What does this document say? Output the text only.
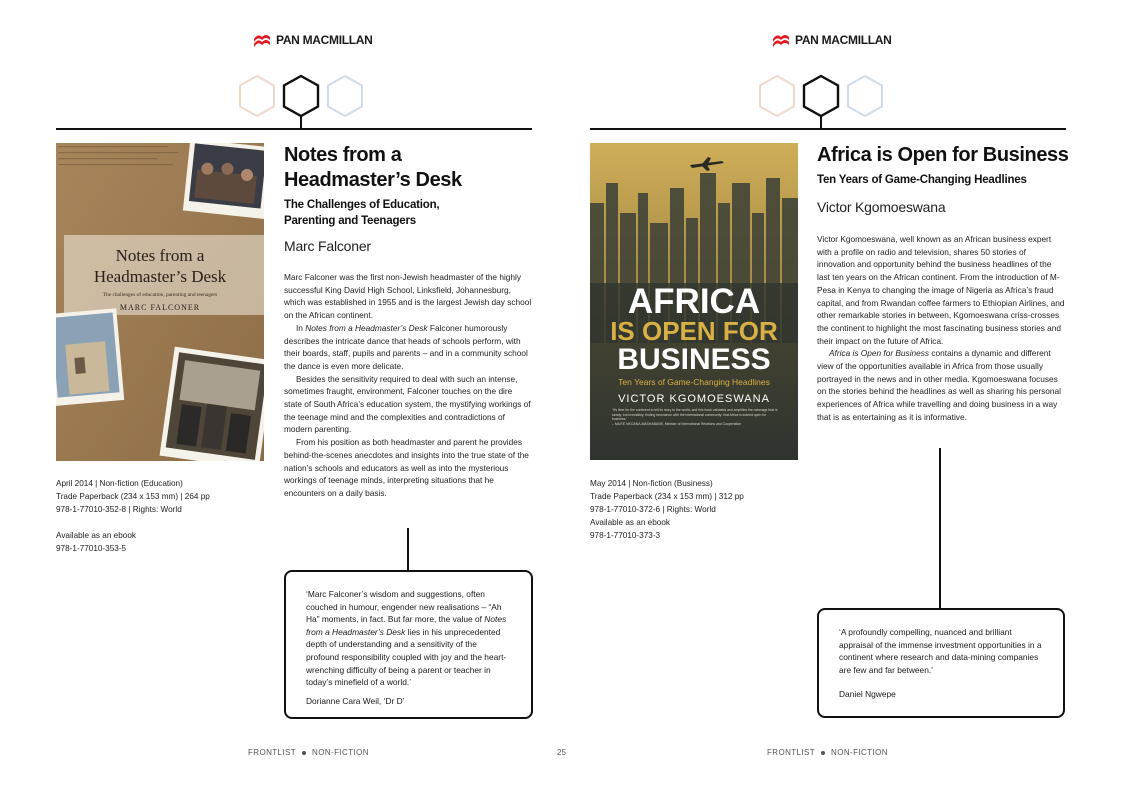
PAN MACMILLAN
Notes from a
Headmaster’s Desk
The challenges of education, parenting and teenagers
MARC FALCONER
Notes from a
Headmaster’s Desk
The Challenges of Education,
Parenting and Teenagers
Marc Falconer

Marc Falconer was the first non-Jewish headmaster of the highly successful King David High School, Linksfield, Johannesburg, which was established in 1955 and is the largest Jewish day school on the African continent.

In Notes from a Headmaster’s Desk Falconer humorously describes the intricate dance that heads of schools perform, with their boards, staff, pupils and parents – and in a community school the dance is even more delicate.

Besides the sensitivity required to deal with such an intense, sometimes fraught, environment, Falconer touches on the dire state of South Africa’s education system, the mystifying workings of the teenage mind and the complexities and contradictions of modern parenting.

From his position as both headmaster and parent he provides behind-the-scenes anecdotes and insights into the true state of the nation’s schools and educators as well as into the mysterious workings of teenage minds, interpreting situations that he encounters on a daily basis.

April 2014 | Non-fiction (Education)
Trade Paperback (234 x 153 mm) | 264 pp
978-1-77010-352-8 | Rights: World
Available as an ebook
978-1-77010-353-5
‘Marc Falconer’s wisdom and suggestions, often couched in humour, engender new realisations – “Ah Ha” moments, in fact. But far more, the value of Notes from a Headmaster’s Desk lies in his unprecedented depth of understanding and a sensitivity of the profound responsibility coupled with joy and the heart-wrenching difficulty of being a parent or teacher in today’s minefield of a world.’
Dorianne Cara Weil, ‘Dr D’
FRONTLIST NON-FICTION	25
PAN MACMILLAN
AFRICA
IS OPEN FOR
BUSINESS
Ten Years of Game-Changing Headlines
VICTOR KGOMOESWANA
‘It’s time for the continent to tell its story to the world, and this book validates and amplifies the message that is slowly, but irresistibly, finding resonance with the international community: that Africa is indeed open for business.’
– MAITE NKOANA-MASHABANE, Minister of International Relations and Cooperation
Africa is Open for Business
Ten Years of Game-Changing Headlines
Victor Kgomoeswana

Victor Kgomoeswana, well known as an African business expert with a profile on radio and television, shares 50 stories of innovation and opportunity behind the business headlines of the last ten years on the African continent. From the introduction of M-Pesa in Kenya to changing the image of Nigeria as Africa’s fraud capital, and from Rwandan coffee farmers to Ethiopian Airlines, and other remarkable stories in between, Kgomoeswana criss-crosses the continent to highlight the most fascinating business stories and their impact on the future of Africa.

Africa is Open for Business contains a dynamic and different view of the opportunities available in Africa from those usually portrayed in the news and in other media. Kgomoeswana focuses on the stories behind the headlines as well as sharing his personal experiences of Africa while travelling and doing business in a way that is as entertaining as it is informative.

May 2014 | Non-fiction (Business)
Trade Paperback (234 x 153 mm) | 312 pp
978-1-77010-372-6 | Rights: World
Available as an ebook
978-1-77010-373-3
‘A profoundly compelling, nuanced and brilliant appraisal of the immense investment opportunities in a continent where research and data-mining companies are few and far between.’
Daniel Ngwepe
FRONTLIST NON-FICTION
